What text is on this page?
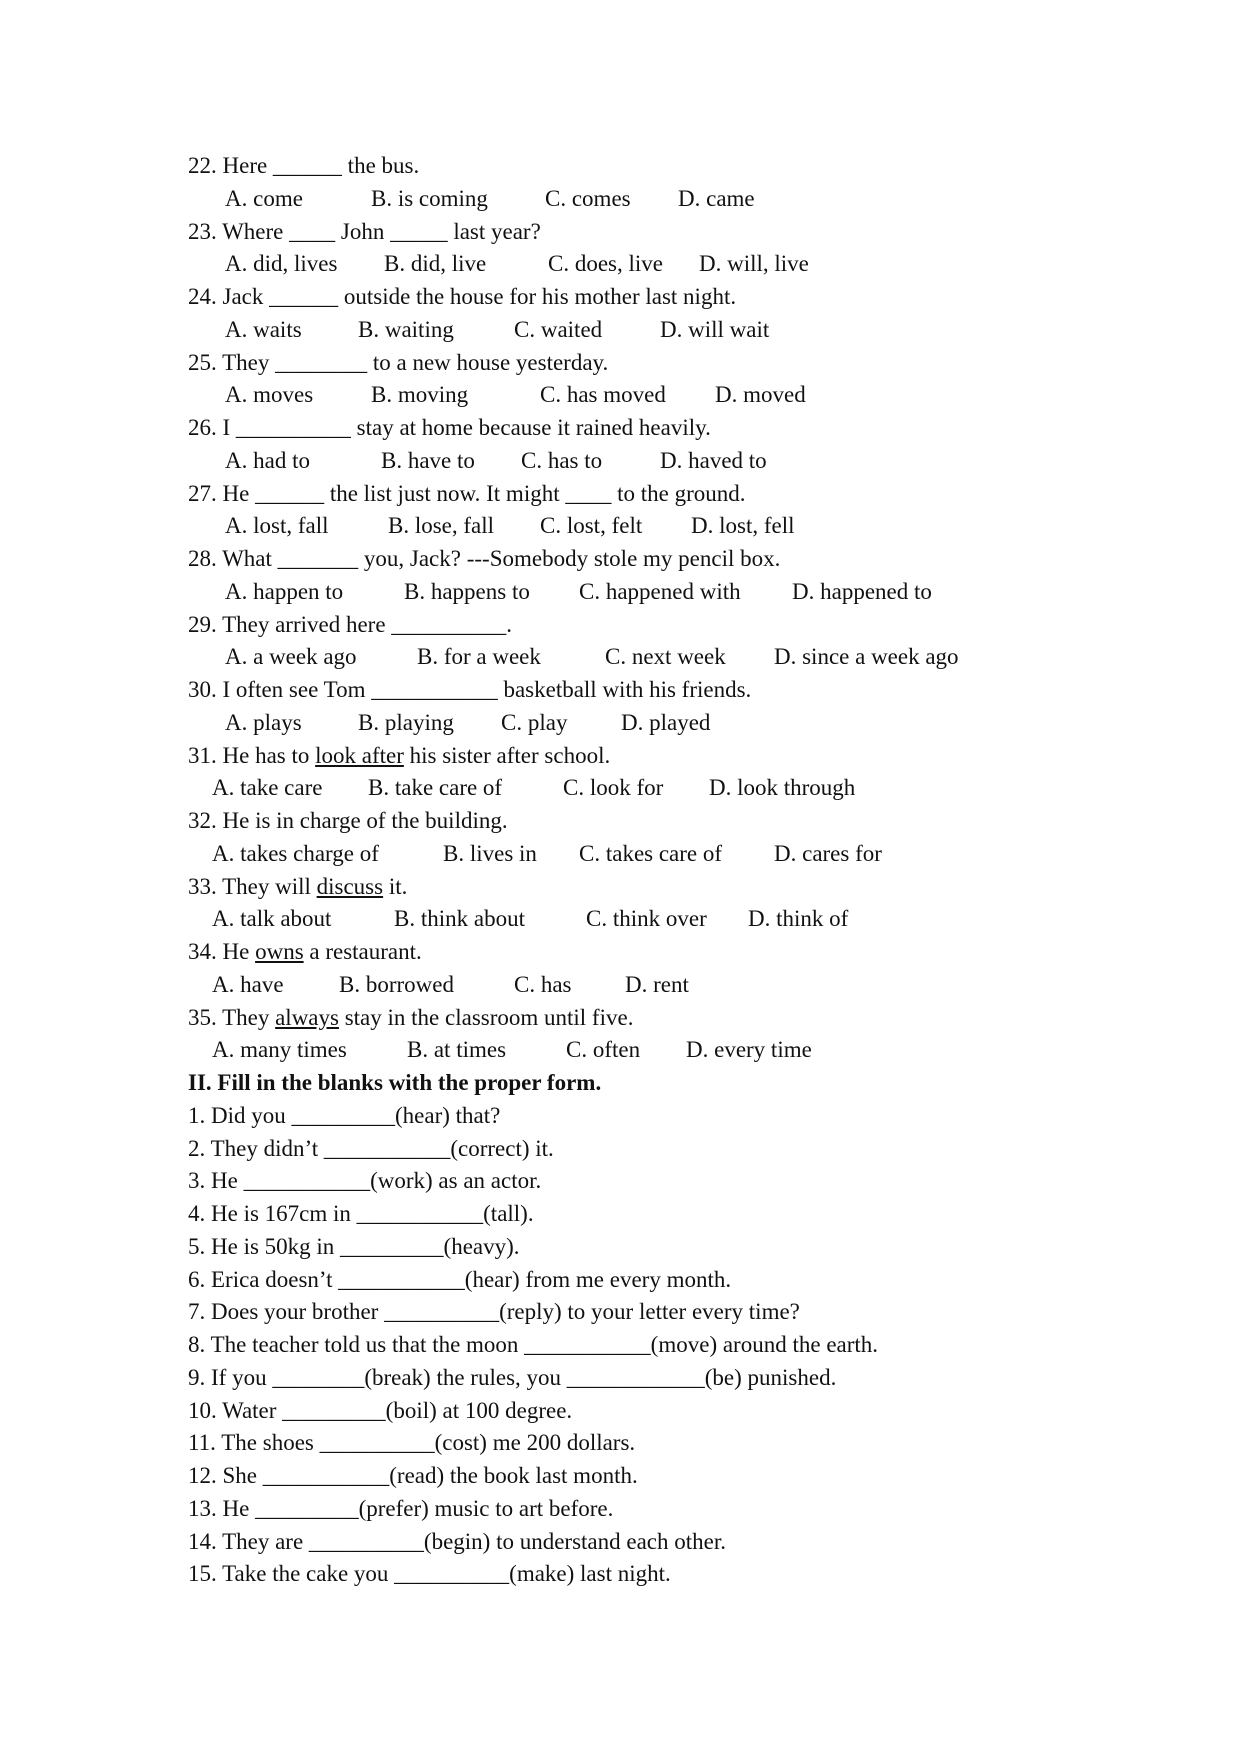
22. Here ______ the bus.

A. come

	B. is coming

C. comes

D. came

23. Where ____ John _____ last year?

A. did, lives

B. did, live

	C. does, live

D. will, live

24. Jack ______ outside the house for his mother last night.

A. waits

B. waiting

	C. waited

	D. will wait

25. They ________ to a new house yesterday.

A. moves

	B. moving

	C. has moved

D. moved

26. I __________ stay at home because it rained heavily.

A. had to

	B. have to

C. has to

	D. haved to

27. He ______ the list just now. It might ____ to the ground.

A. lost, fall

	B. lose, fall

C. lost, felt

D. lost, fell

28. What _______ you, Jack? ---Somebody stole my pencil box.

A. happen to

	B. happens to

C. happened with

D. happened to

29. They arrived here __________.

A. a week ago

	B. for a week

	C. next week

D. since a week ago

30. I often see Tom ___________ basketball with his friends.

A. plays

B. playing

C. play

D. played

31. He has to look after his sister after school.

A. take care

B. take care of

	C. look for

D. look through

32. He is in charge of the building.

A. takes charge of

	B. lives in

C. takes care of

D. cares for

33. They will discuss it.

A. talk about

	B. think about

	C. think over

D. think of

34. He owns a restaurant.

A. have

B. borrowed

	C. has

D. rent

35. They always stay in the classroom until five.

A. many times

	B. at times

	C. often

D. every time

II. Fill in the blanks with the proper form.
1. Did you _________(hear) that?
2. They didn’t ___________(correct) it.
3. He ___________(work) as an actor.
4. He is 167cm in ___________(tall).
5. He is 50kg in _________(heavy).
6. Erica doesn’t ___________(hear) from me every month.
7. Does your brother __________(reply) to your letter every time?
8. The teacher told us that the moon ___________(move) around the earth.
9. If you ________(break) the rules, you ____________(be) punished.
10. Water _________(boil) at 100 degree.
11. The shoes __________(cost) me 200 dollars.
12. She ___________(read) the book last month.
13. He _________(prefer) music to art before.
14. They are __________(begin) to understand each other.
15. Take the cake you __________(make) last night.
